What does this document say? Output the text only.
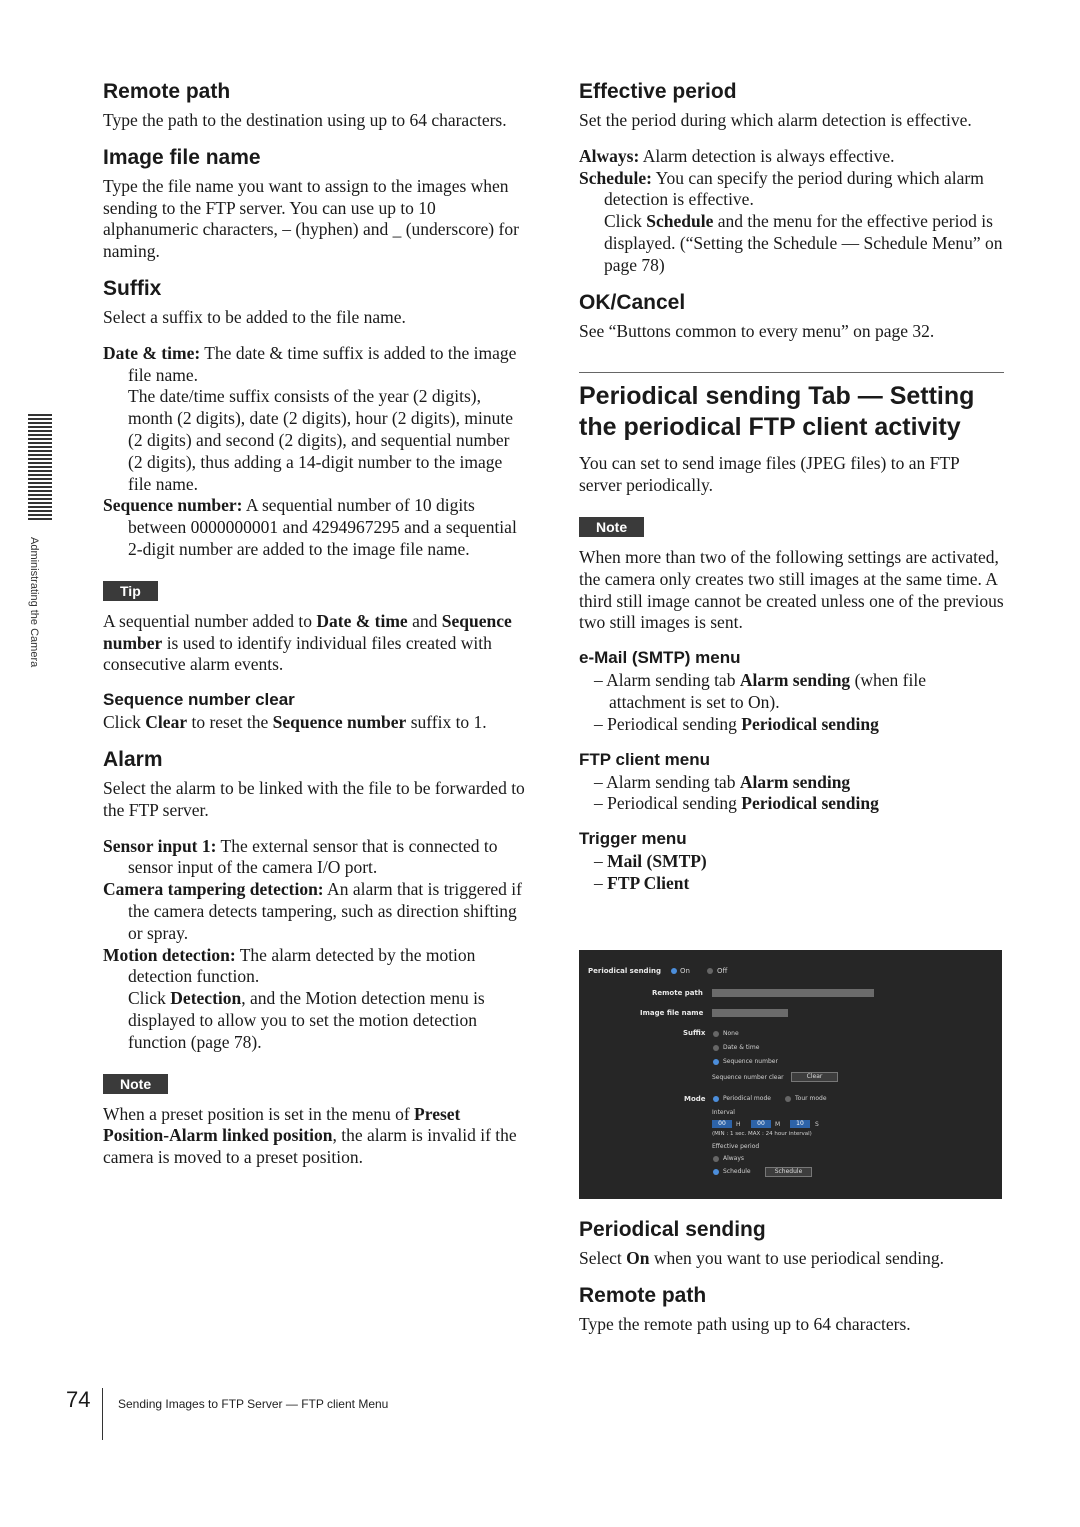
Administrating the Camera
Remote path

Type the path to the destination using up to 64 characters.

Image file name

Type the file name you want to assign to the images when sending to the FTP server. You can use up to 10 alphanumeric characters, – (hyphen) and _ (underscore) for naming.

Suffix

Select a suffix to be added to the file name.

Date & time: The date & time suffix is added to the image file name.

The date/time suffix consists of the year (2 digits), month (2 digits), date (2 digits), hour (2 digits), minute (2 digits) and second (2 digits), and sequential number (2 digits), thus adding a 14-digit number to the image file name.

Sequence number: A sequential number of 10 digits between 0000000001 and 4294967295 and a sequential 2-digit number are added to the image file name.

Tip

A sequential number added to Date & time and Sequence number is used to identify individual files created with consecutive alarm events.

Sequence number clear

Click Clear to reset the Sequence number suffix to 1.

Alarm

Select the alarm to be linked with the file to be forwarded to the FTP server.

Sensor input 1: The external sensor that is connected to sensor input of the camera I/O port.

Camera tampering detection: An alarm that is triggered if the camera detects tampering, such as direction shifting or spray.

Motion detection: The alarm detected by the motion detection function.

Click Detection, and the Motion detection menu is displayed to allow you to set the motion detection function (page 78).

Note

When a preset position is set in the menu of Preset Position-Alarm linked position, the alarm is invalid if the camera is moved to a preset position.

Effective period

Set the period during which alarm detection is effective.

Always: Alarm detection is always effective.

Schedule: You can specify the period during which alarm detection is effective.

Click Schedule and the menu for the effective period is displayed. (“Setting the Schedule — Schedule Menu” on page 78)

OK/Cancel

See “Buttons common to every menu” on page 32.

Periodical sending Tab — Setting the periodical FTP client activity

You can set to send image files (JPEG files) to an FTP server periodically.

Note

When more than two of the following settings are activated, the camera only creates two still images at the same time. A third still image cannot be created unless one of the previous two still images is sent.

e-Mail (SMTP) menu

– Alarm sending tab Alarm sending (when file attachment is set to On).

– Periodical sending Periodical sending

FTP client menu

– Alarm sending tab Alarm sending

– Periodical sending Periodical sending

Trigger menu

– Mail (SMTP)

– FTP Client

Periodical sending	On	Off
Remote path
Image file name
Suffix	None
Date & time
Sequence number
Sequence number clear	Clear
Mode	Periodical mode	Tour mode
Interval
00	H	00	M	10	S
(MIN : 1 sec. MAX : 24 hour interval)
Effective period
Always
Schedule	Schedule
Periodical sending

Select On when you want to use periodical sending.

Remote path

Type the remote path using up to 64 characters.

74 Sending Images to FTP Server — FTP client Menu
